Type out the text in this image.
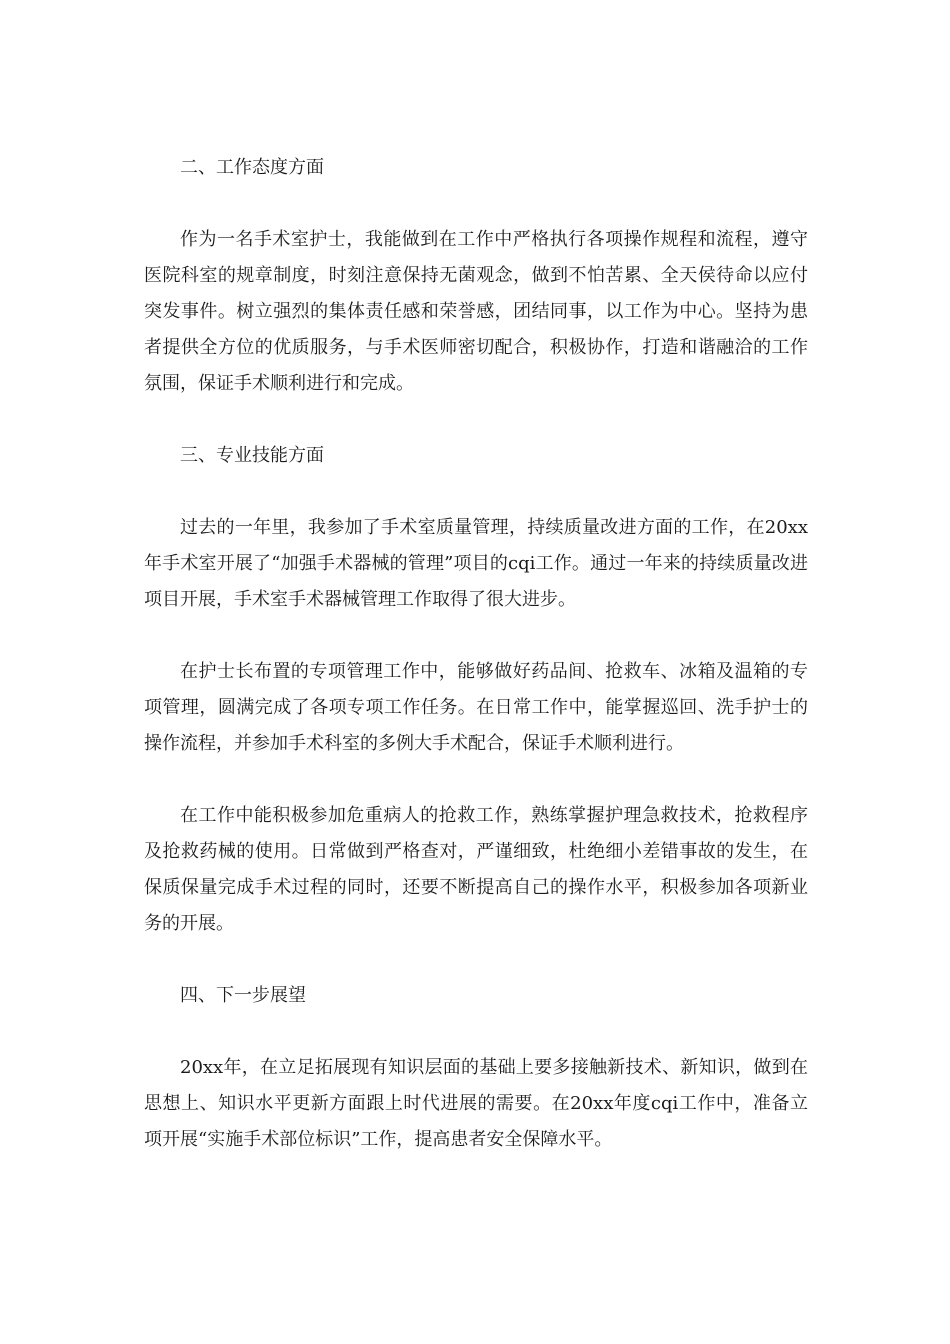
二、工作态度方面

作为一名手术室护士，我能做到在工作中严格执行各项操作规程和流程，遵守医院科室的规章制度，时刻注意保持无菌观念，做到不怕苦累、全天侯待命以应付突发事件。树立强烈的集体责任感和荣誉感，团结同事，以工作为中心。坚持为患者提供全方位的优质服务，与手术医师密切配合，积极协作，打造和谐融洽的工作氛围，保证手术顺利进行和完成。

三、专业技能方面

过去的一年里，我参加了手术室质量管理，持续质量改进方面的工作，在20xx年手术室开展了“加强手术器械的管理”项目的cqi工作。通过一年来的持续质量改进项目开展，手术室手术器械管理工作取得了很大进步。

在护士长布置的专项管理工作中，能够做好药品间、抢救车、冰箱及温箱的专项管理，圆满完成了各项专项工作任务。在日常工作中，能掌握巡回、洗手护士的操作流程，并参加手术科室的多例大手术配合，保证手术顺利进行。

在工作中能积极参加危重病人的抢救工作，熟练掌握护理急救技术，抢救程序及抢救药械的使用。日常做到严格查对，严谨细致，杜绝细小差错事故的发生，在保质保量完成手术过程的同时，还要不断提高自己的操作水平，积极参加各项新业务的开展。

四、下一步展望

20xx年，在立足拓展现有知识层面的基础上要多接触新技术、新知识，做到在思想上、知识水平更新方面跟上时代进展的需要。在20xx年度cqi工作中，准备立项开展“实施手术部位标识”工作，提高患者安全保障水平。
